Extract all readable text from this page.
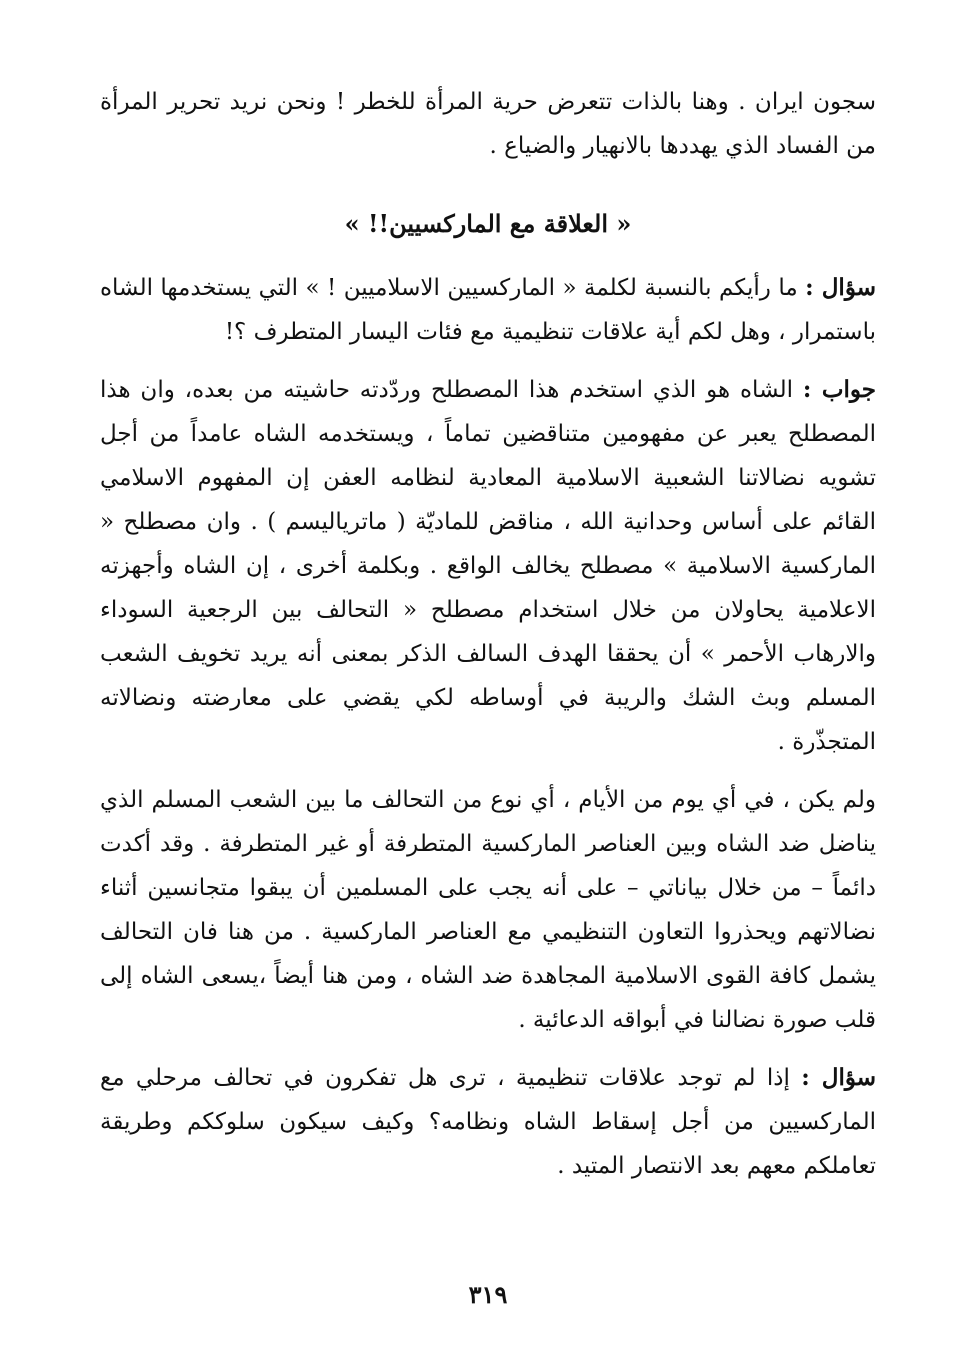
سجون ايران . وهنا بالذات تتعرض حرية المرأة للخطر ! ونحن نريد تحرير المرأة من الفساد الذي يهددها بالانهيار والضياع .

« العلاقة مع الماركسيين!! »

سؤال : ما رأيكم بالنسبة لكلمة « الماركسيين الاسلاميين ! » التي يستخدمها الشاه باستمرار ، وهل لكم أية علاقات تنظيمية مع فئات اليسار المتطرف ؟!

جواب : الشاه هو الذي استخدم هذا المصطلح وردّدته حاشيته من بعده، وان هذا المصطلح يعبر عن مفهومين متناقضين تماماً ، ويستخدمه الشاه عامداً من أجل تشويه نضالاتنا الشعبية الاسلامية المعادية لنظامه العفن إن المفهوم الاسلامي القائم على أساس وحدانية الله ، مناقض للماديّة ( ماترياليسم ) . وان مصطلح « الماركسية الاسلامية » مصطلح يخالف الواقع . وبكلمة أخرى ، إن الشاه وأجهزته الاعلامية يحاولان من خلال استخدام مصطلح « التحالف بين الرجعية السوداء والارهاب الأحمر » أن يحققا الهدف السالف الذكر بمعنى أنه يريد تخويف الشعب المسلم وبث الشك والريبة في أوساطه لكي يقضي على معارضته ونضالاته المتجذّرة .

ولم يكن ، في أي يوم من الأيام ، أي نوع من التحالف ما بين الشعب المسلم الذي يناضل ضد الشاه وبين العناصر الماركسية المتطرفة أو غير المتطرفة . وقد أكدت دائماً – من خلال بياناتي – على أنه يجب على المسلمين أن يبقوا متجانسين أثناء نضالاتهم ويحذروا التعاون التنظيمي مع العناصر الماركسية . من هنا فان التحالف يشمل كافة القوى الاسلامية المجاهدة ضد الشاه ، ومن هنا أيضاً ،يسعى الشاه إلى قلب صورة نضالنا في أبواقه الدعائية .

سؤال : إذا لم توجد علاقات تنظيمية ، ترى هل تفكرون في تحالف مرحلي مع الماركسيين من أجل إسقاط الشاه ونظامه؟ وكيف سيكون سلوككم وطريقة تعاملكم معهم بعد الانتصار المتيد .

٣١٩
